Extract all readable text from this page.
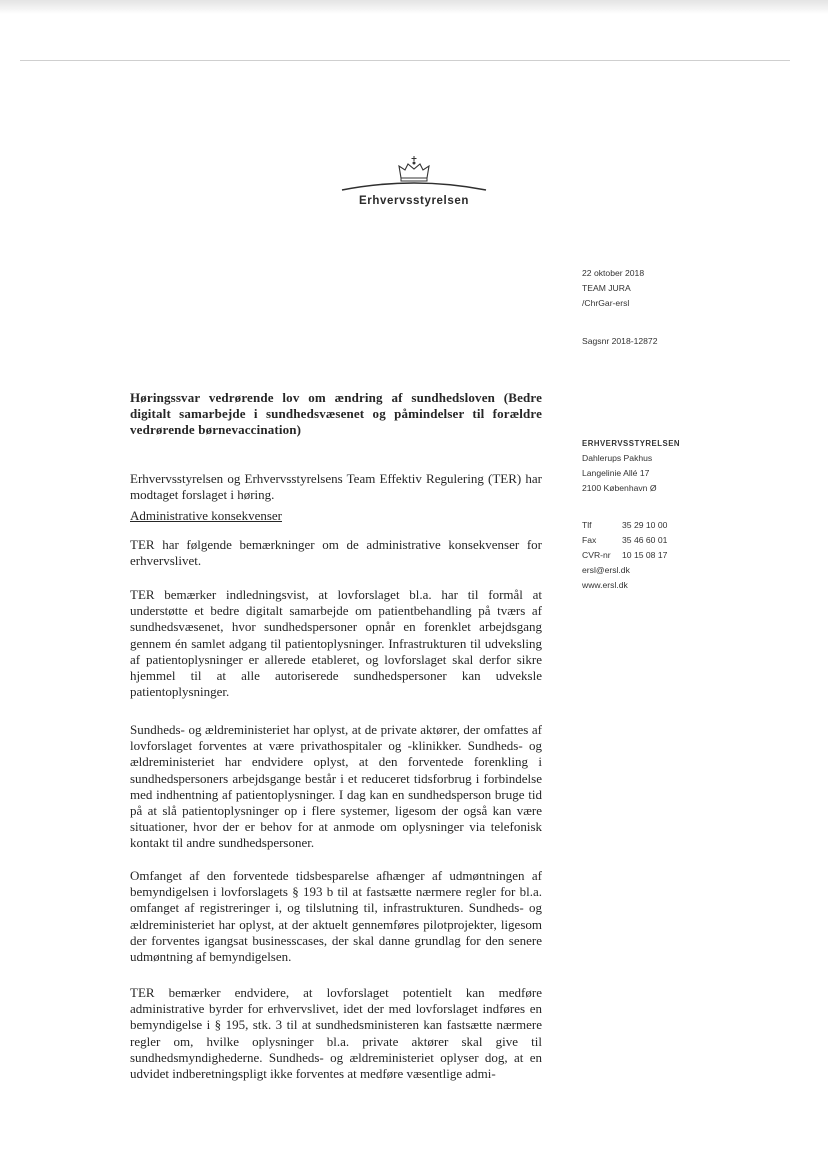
Erhvervsstyrelsen
22 oktober 2018
TEAM JURA
/ChrGar-ersl
Sagsnr 2018-12872
ERHVERVSSTYRELSEN
Dahlerups Pakhus
Langelinie Allé 17
2100 København Ø
Tlf	35 29 10 00
Fax	35 46 60 01
CVR-nr 10 15 08 17
ersl@ersl.dk
www.ersl.dk
Høringssvar vedrørende lov om ændring af sundhedsloven (Bedre digitalt samarbejde i sundhedsvæsenet og påmindelser til forældre vedrørende børnevaccination)

Erhvervsstyrelsen og Erhvervsstyrelsens Team Effektiv Regulering (TER) har modtaget forslaget i høring.

Administrative konsekvenser

TER har følgende bemærkninger om de administrative konsekvenser for erhvervslivet.

TER bemærker indledningsvist, at lovforslaget bl.a. har til formål at understøtte et bedre digitalt samarbejde om patientbehandling på tværs af sundhedsvæsenet, hvor sundhedspersoner opnår en forenklet arbejdsgang gennem én samlet adgang til patientoplysninger. Infrastrukturen til udveksling af patientoplysninger er allerede etableret, og lovforslaget skal derfor sikre hjemmel til at alle autoriserede sundhedspersoner kan udveksle patientoplysninger.

Sundheds- og ældreministeriet har oplyst, at de private aktører, der omfattes af lovforslaget forventes at være privathospitaler og -klinikker. Sundheds- og ældreministeriet har endvidere oplyst, at den forventede forenkling i sundhedspersoners arbejdsgange består i et reduceret tidsforbrug i forbindelse med indhentning af patientoplysninger. I dag kan en sundhedsperson bruge tid på at slå patientoplysninger op i flere systemer, ligesom der også kan være situationer, hvor der er behov for at anmode om oplysninger via telefonisk kontakt til andre sundhedspersoner.

Omfanget af den forventede tidsbesparelse afhænger af udmøntningen af bemyndigelsen i lovforslagets § 193 b til at fastsætte nærmere regler for bl.a. omfanget af registreringer i, og tilslutning til, infrastrukturen. Sundheds- og ældreministeriet har oplyst, at der aktuelt gennemføres pilotprojekter, ligesom der forventes igangsat businesscases, der skal danne grundlag for den senere udmøntning af bemyndigelsen.

TER bemærker endvidere, at lovforslaget potentielt kan medføre administrative byrder for erhvervslivet, idet der med lovforslaget indføres en bemyndigelse i § 195, stk. 3 til at sundhedsministeren kan fastsætte nærmere regler om, hvilke oplysninger bl.a. private aktører skal give til sundhedsmyndighederne. Sundheds- og ældreministeriet oplyser dog, at en udvidet indberetningspligt ikke forventes at medføre væsentlige admi-
